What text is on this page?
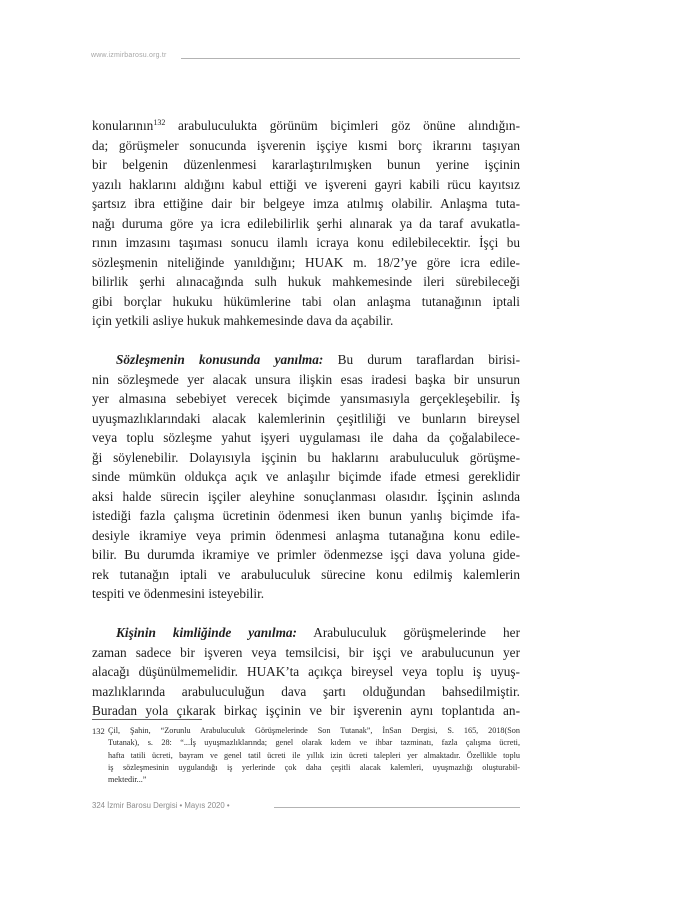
www.izmirbarosu.org.tr

konularının$^{132}$ arabuluculukta görünüm biçimleri göz önüne alındığın-
da; görüşmeler sonucunda işverenin işçiye kısmi borç ikrarını taşıyan
bir belgenin düzenlenmesi kararlaştırılmışken bunun yerine işçinin
yazılı haklarını aldığını kabul ettiği ve işvereni gayri kabili rücu kayıtsız
şartsız ibra ettiğine dair bir belgeye imza atılmış olabilir. Anlaşma tuta-
nağı duruma göre ya icra edilebilirlik şerhi alınarak ya da taraf avukatla-
rının imzasını taşıması sonucu ilamlı icraya konu edilebilecektir. İşçi bu
sözleşmenin niteliğinde yanıldığını; HUAK m. 18/2’ye göre icra edile-
bilirlik şerhi alınacağında sulh hukuk mahkemesinde ileri sürebileceği
gibi borçlar hukuku hükümlerine tabi olan anlaşma tutanağının iptali
için yetkili asliye hukuk mahkemesinde dava da açabilir.

Sözleşmenin konusunda yanılma: Bu durum taraflardan birisi-
nin sözleşmede yer alacak unsura ilişkin esas iradesi başka bir unsurun
yer almasına sebebiyet verecek biçimde yansımasıyla gerçekleşebilir. İş
uyuşmazlıklarındaki alacak kalemlerinin çeşitliliği ve bunların bireysel
veya toplu sözleşme yahut işyeri uygulaması ile daha da çoğalabilece-
ği söylenebilir. Dolayısıyla işçinin bu haklarını arabuluculuk görüşme-
sinde mümkün oldukça açık ve anlaşılır biçimde ifade etmesi gereklidir
aksi halde sürecin işçiler aleyhine sonuçlanması olasıdır. İşçinin aslında
istediği fazla çalışma ücretinin ödenmesi iken bunun yanlış biçimde ifa-
desiyle ikramiye veya primin ödenmesi anlaşma tutanağına konu edile-
bilir. Bu durumda ikramiye ve primler ödenmezse işçi dava yoluna gide-
rek tutanağın iptali ve arabuluculuk sürecine konu edilmiş kalemlerin
tespiti ve ödenmesini isteyebilir.

Kişinin kimliğinde yanılma: Arabuluculuk görüşmelerinde her
zaman sadece bir işveren veya temsilcisi, bir işçi ve arabulucunun yer
alacağı düşünülmemelidir. HUAK’ta açıkça bireysel veya toplu iş uyuş-
mazlıklarında arabuluculuğun dava şartı olduğundan bahsedilmiştir.
Buradan yola çıkarak birkaç işçinin ve bir işverenin aynı toplantıda an-

132 Çil, Şahin, “Zorunlu Arabuluculuk Görüşmelerinde Son Tutanak”, İnSan Dergisi, S. 165, 2018(Son
Tutanak), s. 28: “...İş uyuşmazlıklarında; genel olarak kıdem ve ihbar tazminatı, fazla çalışma ücreti,
hafta tatili ücreti, bayram ve genel tatil ücreti ile yıllık izin ücreti talepleri yer almaktadır. Özellikle toplu
iş sözleşmesinin uygulandığı iş yerlerinde çok daha çeşitli alacak kalemleri, uyuşmazlığı oluşturabil-
mektedir...”
324 İzmir Barosu Dergisi • Mayıs 2020 •
